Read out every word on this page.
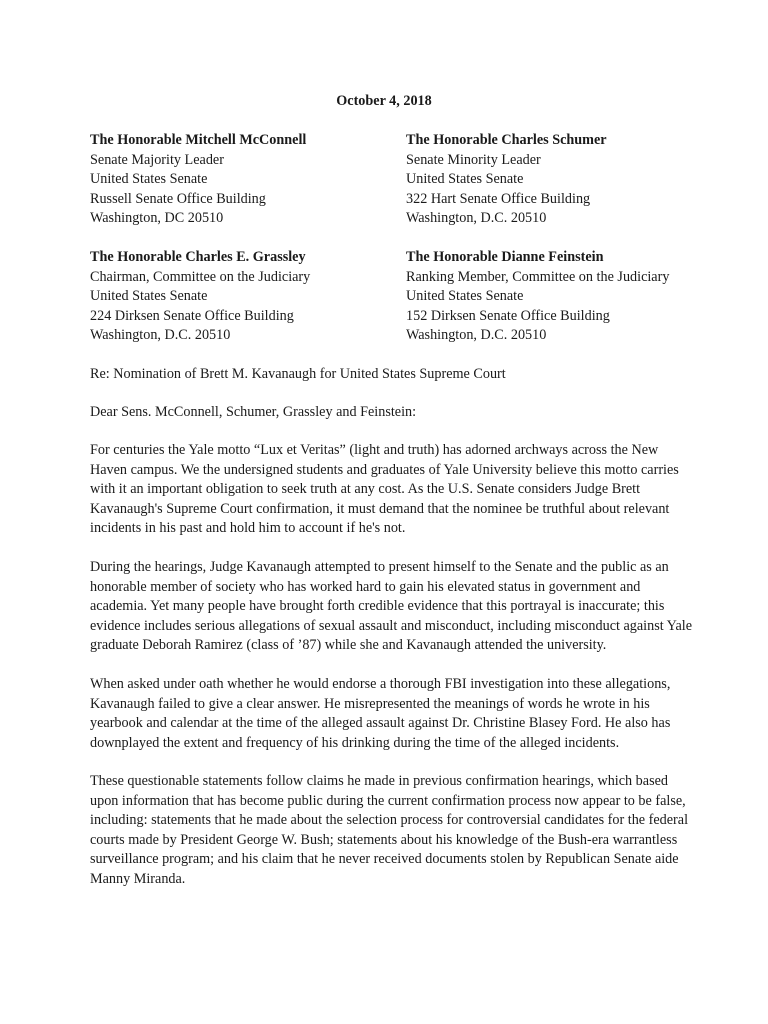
October 4, 2018
The Honorable Mitchell McConnell
Senate Majority Leader
United States Senate
Russell Senate Office Building
Washington, DC 20510
The Honorable Charles Schumer
Senate Minority Leader
United States Senate
322 Hart Senate Office Building
Washington, D.C. 20510
The Honorable Charles E. Grassley
Chairman, Committee on the Judiciary
United States Senate
224 Dirksen Senate Office Building
Washington, D.C. 20510
The Honorable Dianne Feinstein
Ranking Member, Committee on the Judiciary
United States Senate
152 Dirksen Senate Office Building
Washington, D.C. 20510
Re: Nomination of Brett M. Kavanaugh for United States Supreme Court
Dear Sens. McConnell, Schumer, Grassley and Feinstein:
For centuries the Yale motto “Lux et Veritas” (light and truth) has adorned archways across the New
Haven campus. We the undersigned students and graduates of Yale University believe this motto carries
with it an important obligation to seek truth at any cost. As the U.S. Senate considers Judge Brett
Kavanaugh's Supreme Court confirmation, it must demand that the nominee be truthful about relevant
incidents in his past and hold him to account if he's not.
During the hearings, Judge Kavanaugh attempted to present himself to the Senate and the public as an
honorable member of society who has worked hard to gain his elevated status in government and
academia. Yet many people have brought forth credible evidence that this portrayal is inaccurate; this
evidence includes serious allegations of sexual assault and misconduct, including misconduct against Yale
graduate Deborah Ramirez (class of ’87) while she and Kavanaugh attended the university.
When asked under oath whether he would endorse a thorough FBI investigation into these allegations,
Kavanaugh failed to give a clear answer. He misrepresented the meanings of words he wrote in his
yearbook and calendar at the time of the alleged assault against Dr. Christine Blasey Ford. He also has
downplayed the extent and frequency of his drinking during the time of the alleged incidents.
These questionable statements follow claims he made in previous confirmation hearings, which based
upon information that has become public during the current confirmation process now appear to be false,
including: statements that he made about the selection process for controversial candidates for the federal
courts made by President George W. Bush; statements about his knowledge of the Bush-era warrantless
surveillance program; and his claim that he never received documents stolen by Republican Senate aide
Manny Miranda.
